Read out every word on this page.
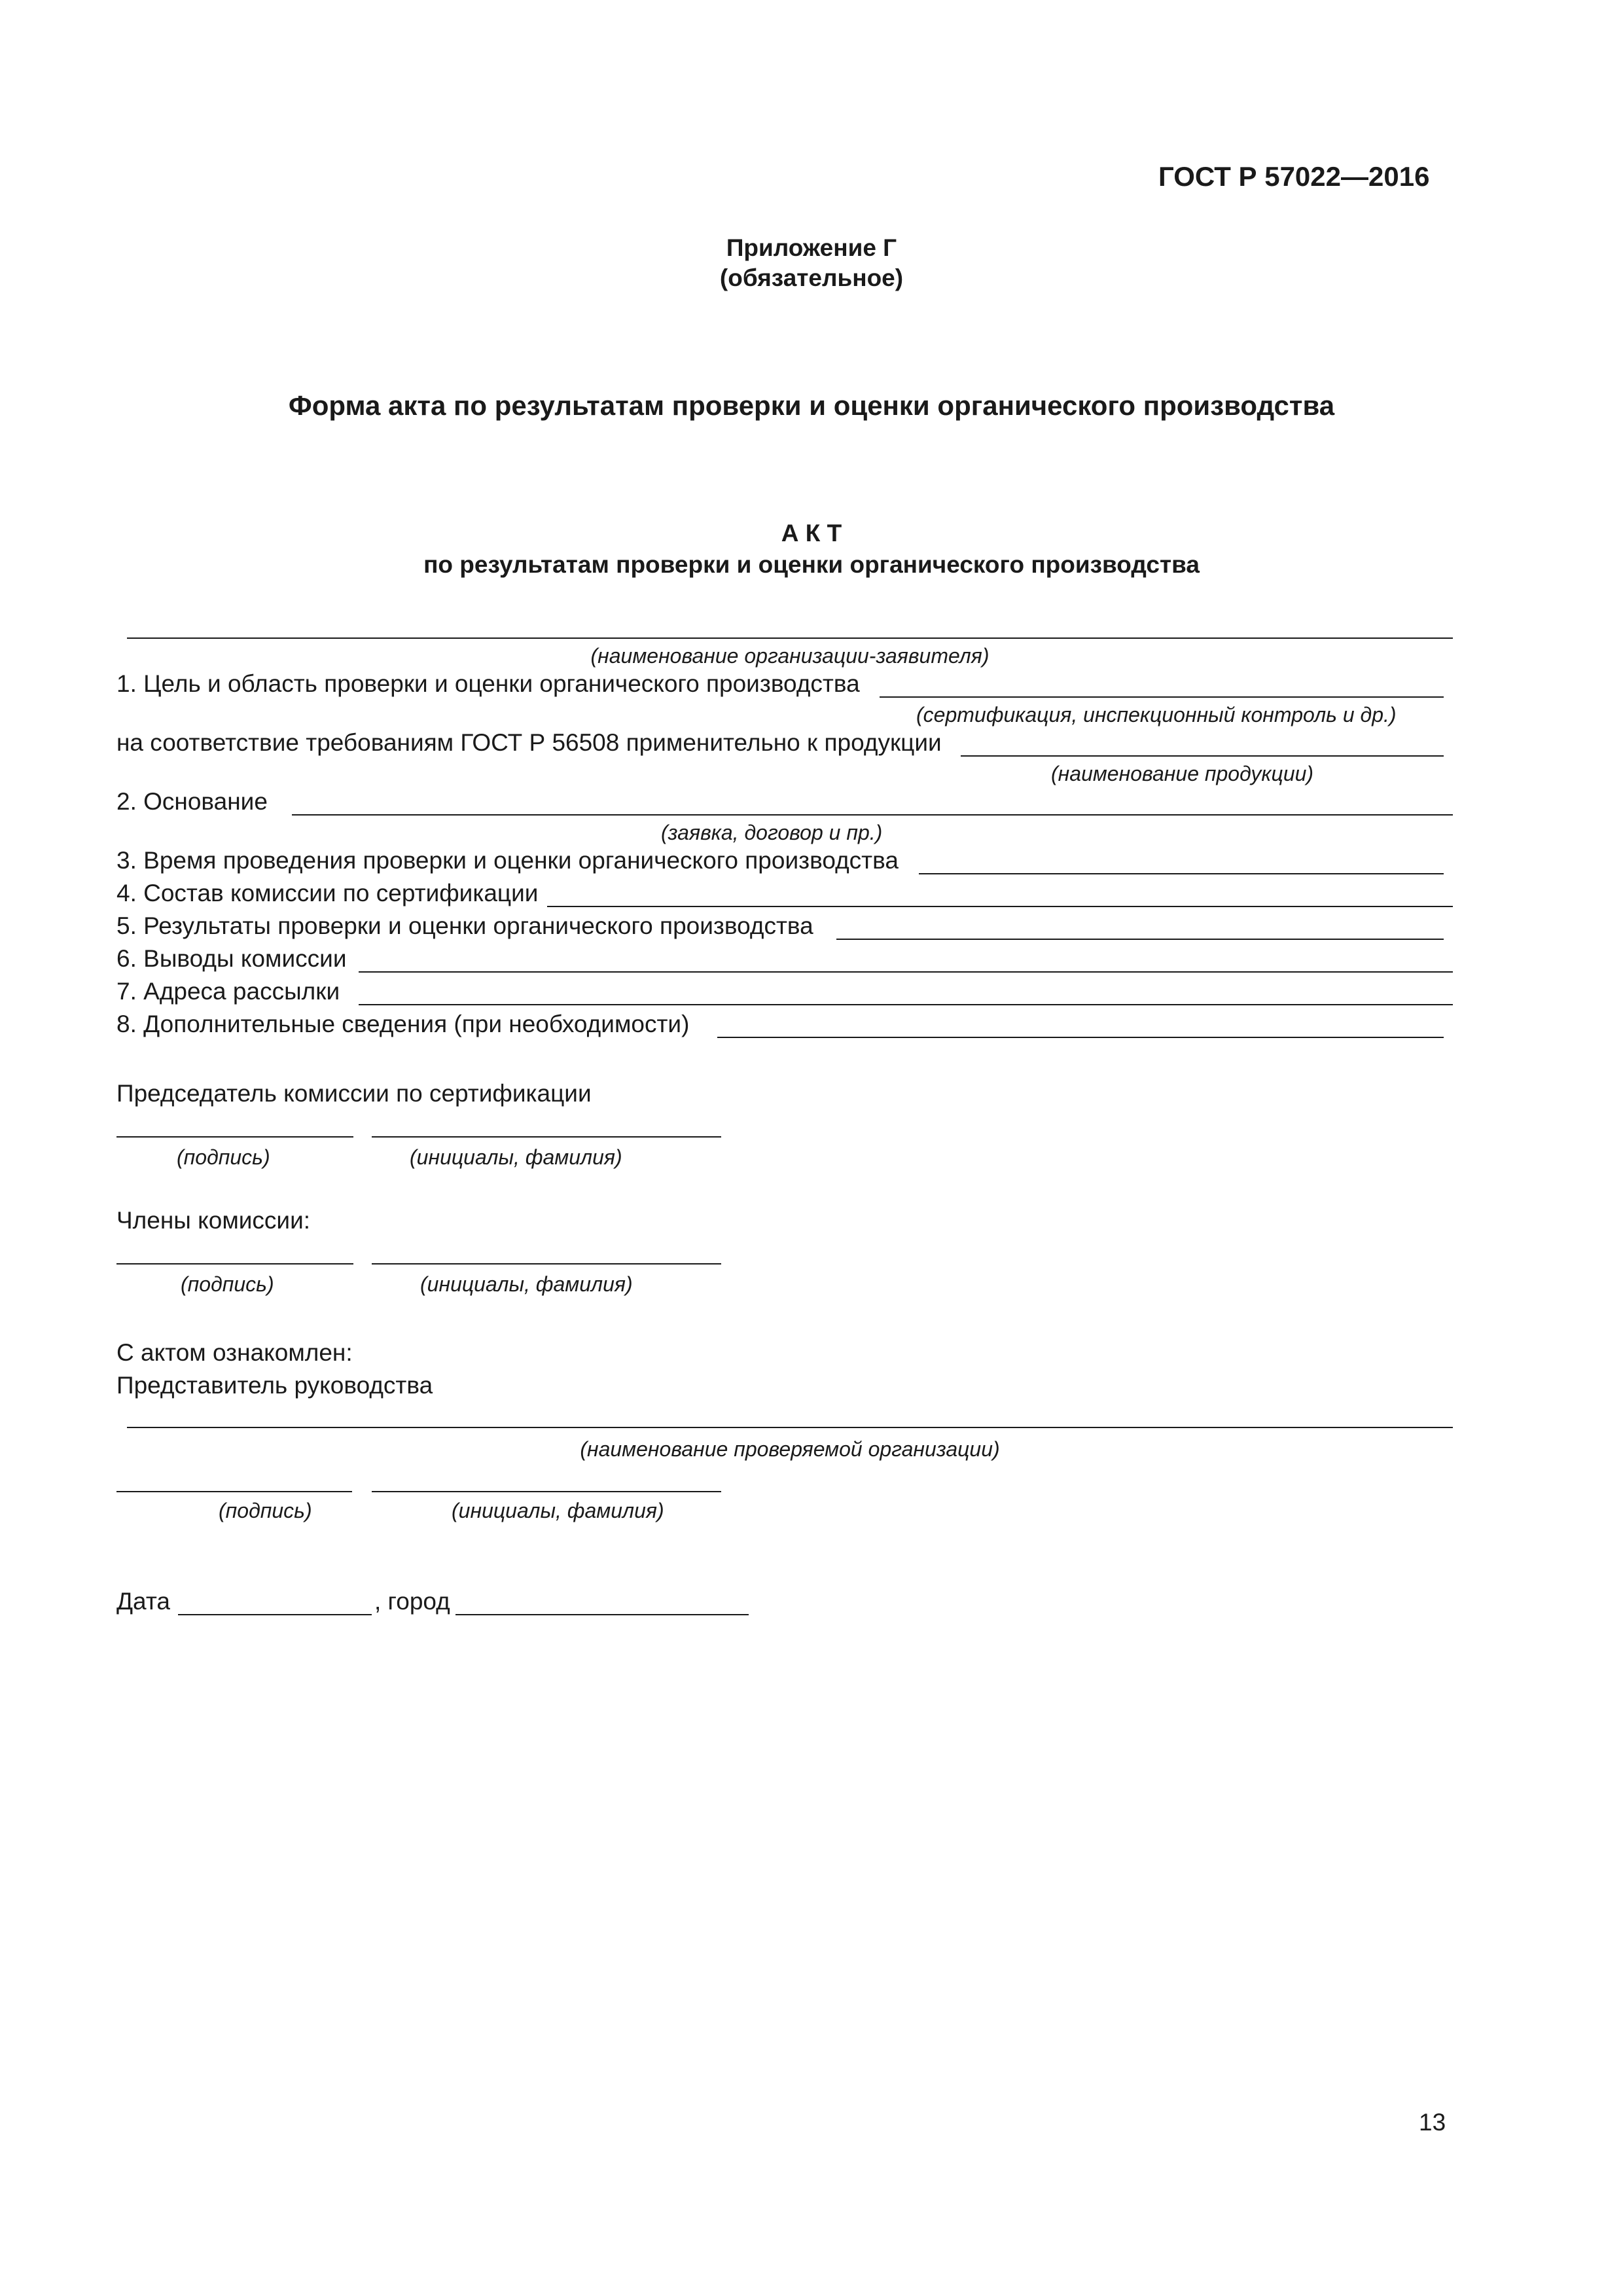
ГОСТ Р 57022—2016
Приложение Г
(обязательное)
Форма акта по результатам проверки и оценки органического производства
А К Т
по результатам проверки и оценки органического производства
(наименование организации-заявителя)
1. Цель и область проверки и оценки органического производства
(сертификация, инспекционный контроль и др.)
на соответствие требованиям ГОСТ Р 56508 применительно к продукции
(наименование продукции)
2. Основание
(заявка, договор и пр.)
3. Время проведения проверки и оценки органического производства
4. Состав комиссии по сертификации
5. Результаты проверки и оценки органического производства
6. Выводы комиссии
7. Адреса рассылки
8. Дополнительные сведения (при необходимости)
Председатель комиссии по сертификации
(подпись)	(инициалы, фамилия)
Члены комиссии:
(подпись)	(инициалы, фамилия)
С актом ознакомлен:
Представитель руководства
(наименование проверяемой организации)
(подпись)	(инициалы, фамилия)
Дата	, город
13
